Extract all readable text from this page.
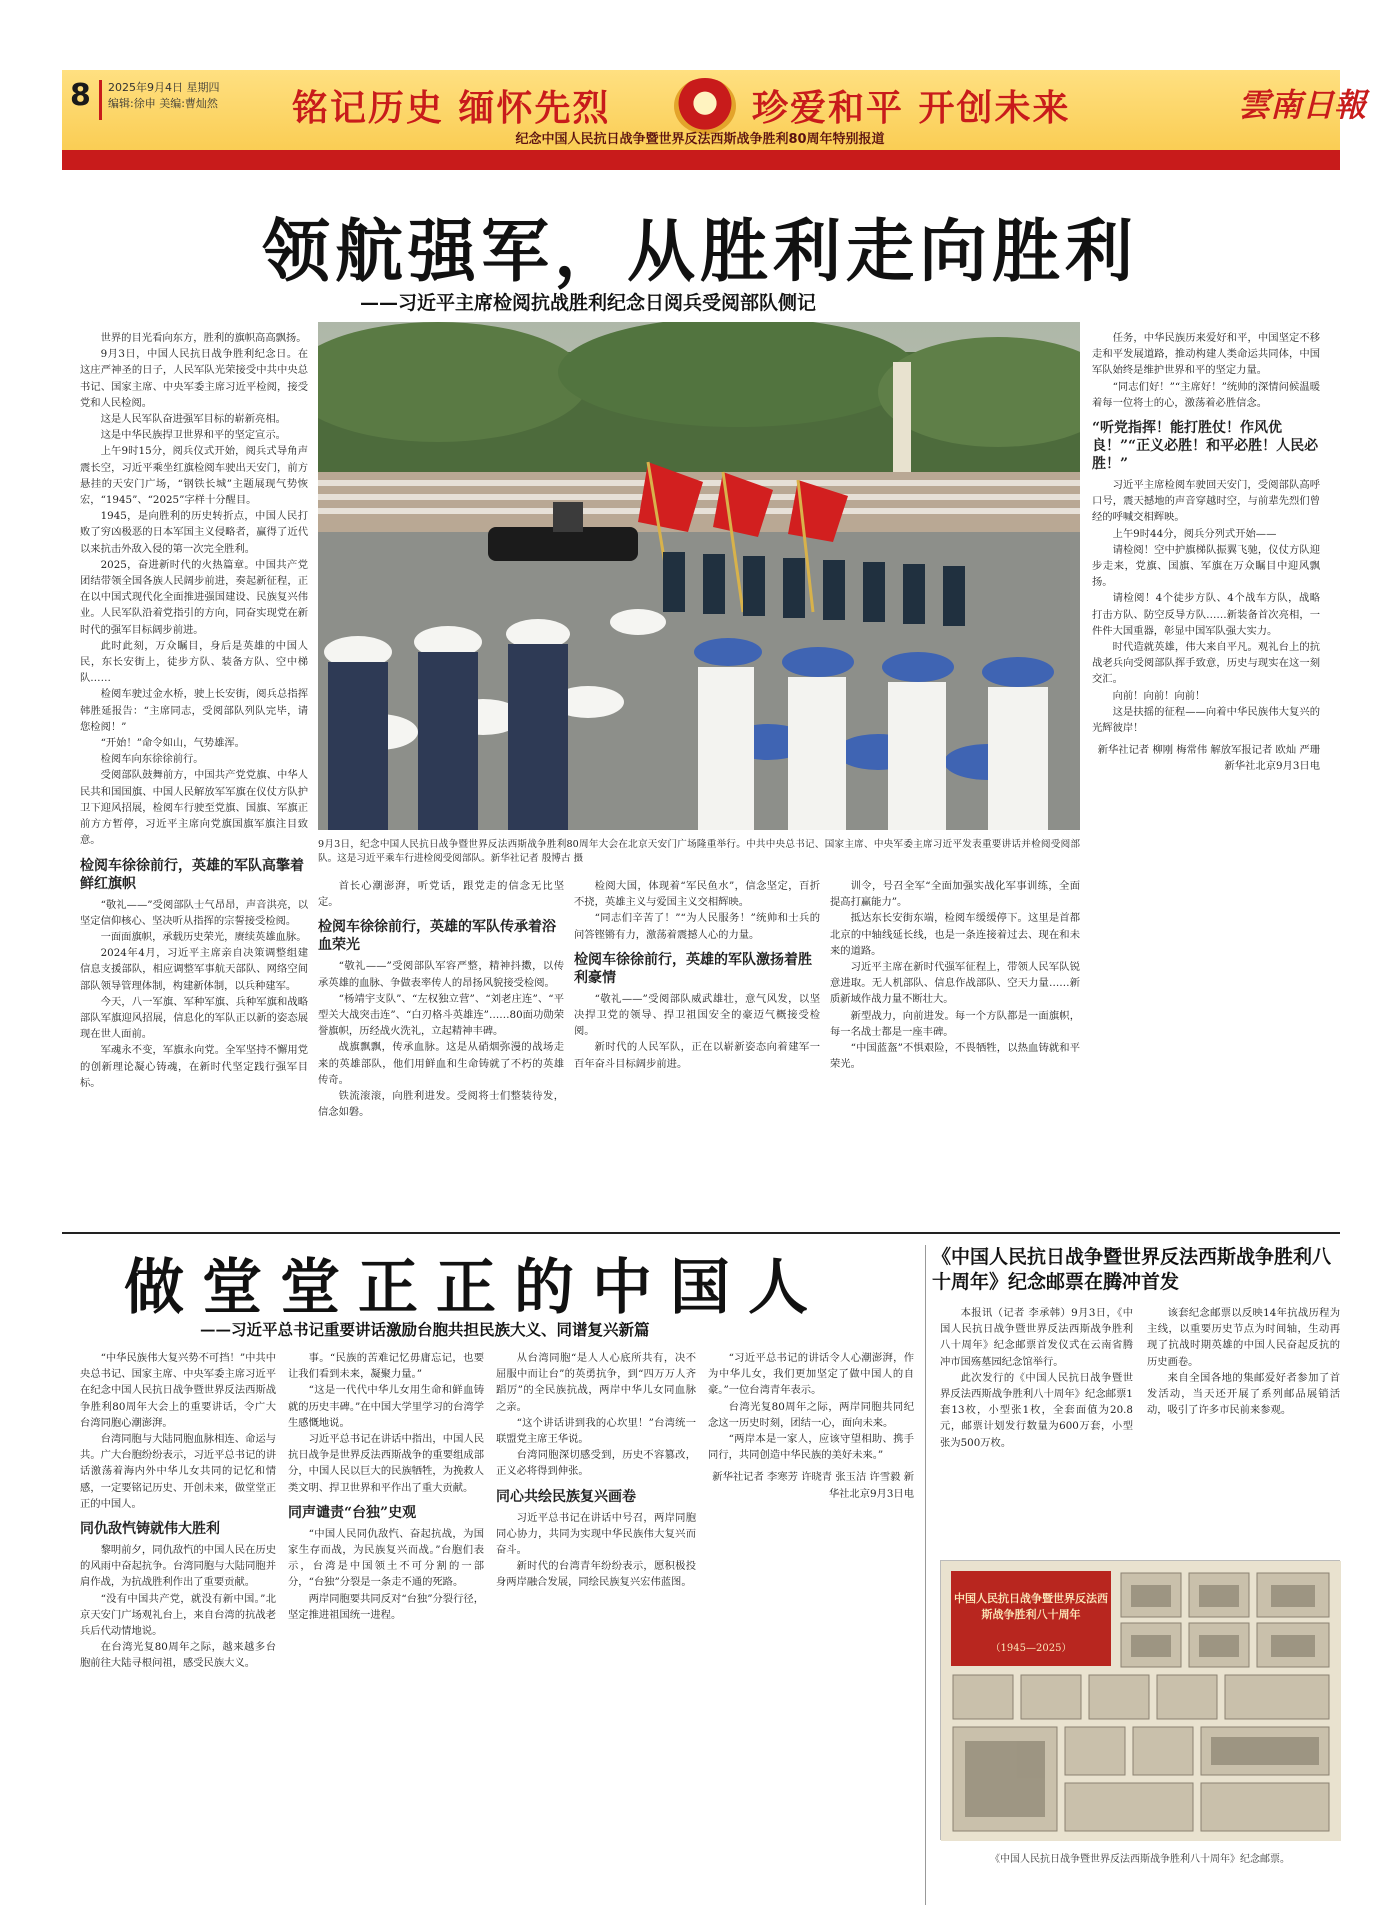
8 2025年9月4日 星期四
编辑:徐申 美编:曹灿然 铭记历史 缅怀先烈	珍爱和平 开创未来	雲南日報
纪念中国人民抗日战争暨世界反法西斯战争胜利80周年特别报道
领航强军，从胜利走向胜利
——习近平主席检阅抗战胜利纪念日阅兵受阅部队侧记

世界的目光看向东方，胜利的旗帜高高飘扬。

9月3日，中国人民抗日战争胜利纪念日。在这庄严神圣的日子，人民军队光荣接受中共中央总书记、国家主席、中央军委主席习近平检阅，接受党和人民检阅。

这是人民军队奋进强军目标的崭新亮相。

这是中华民族捍卫世界和平的坚定宣示。

上午9时15分，阅兵仪式开始，阅兵式导角声震长空，习近平乘坐红旗检阅车驶出天安门，前方悬挂的天安门广场，“钢铁长城”主题展现气势恢宏，“1945”、“2025”字样十分醒目。

1945，是向胜利的历史转折点，中国人民打败了穷凶极恶的日本军国主义侵略者，赢得了近代以来抗击外敌入侵的第一次完全胜利。

2025，奋进新时代的火热篇章。中国共产党团结带领全国各族人民阔步前进，奏起新征程，正在以中国式现代化全面推进强国建设、民族复兴伟业。人民军队沿着党指引的方向，同奋实现党在新时代的强军目标阔步前进。

此时此刻，万众瞩目，身后是英雄的中国人民，东长安街上，徒步方队、装备方队、空中梯队……

检阅车驶过金水桥，驶上长安街，阅兵总指挥韩胜延报告：“主席同志，受阅部队列队完毕，请您检阅！”

“开始！”命令如山，气势雄浑。

检阅车向东徐徐前行。

受阅部队鼓舞前方，中国共产党党旗、中华人民共和国国旗、中国人民解放军军旗在仪仗方队护卫下迎风招展，检阅车行驶至党旗、国旗、军旗正前方方暂停，习近平主席向党旗国旗军旗注目致意。

检阅车徐徐前行，英雄的军队高擎着鲜红旗帜

“敬礼——”受阅部队士气昂昂，声音洪亮，以坚定信仰核心、坚决听从指挥的宗誓接受检阅。

一面面旗帜，承载历史荣光，赓续英雄血脉。

2024年4月，习近平主席亲自决策调整组建信息支援部队，相应调整军事航天部队、网络空间部队领导管理体制，构建新体制，以兵种建军。

今天，八一军旗、军种军旗、兵种军旗和战略部队军旗迎风招展，信息化的军队正以新的姿态展现在世人面前。

军魂永不变，军旗永向党。全军坚持不懈用党的创新理论凝心铸魂，在新时代坚定践行强军目标。

9月3日，纪念中国人民抗日战争暨世界反法西斯战争胜利80周年大会在北京天安门广场隆重举行。中共中央总书记、国家主席、中央军委主席习近平发表重要讲话并检阅受阅部队。这是习近平乘车行进检阅受阅部队。新华社记者 殷博古 摄

首长心潮澎湃，听党话，跟党走的信念无比坚定。

检阅车徐徐前行，英雄的军队传承着浴血荣光

“敬礼——”受阅部队军容严整，精神抖擞，以传承英雄的血脉、争做表率传人的昂扬风貌接受检阅。

“杨靖宇支队”、“左权独立营”、“刘老庄连”、“平型关大战突击连”、“白刃格斗英雄连”……80面功勋荣誉旗帜，历经战火洗礼，立起精神丰碑。

战旗飘飘，传承血脉。这是从硝烟弥漫的战场走来的英雄部队，他们用鲜血和生命铸就了不朽的英雄传奇。

铁流滚滚，向胜利进发。受阅将士们整装待发，信念如磐。

检阅大国，体现着“军民鱼水”，信念坚定，百折不挠，英雄主义与爱国主义交相辉映。

“同志们辛苦了！”“为人民服务！”统帅和士兵的问答铿锵有力，激荡着震撼人心的力量。

检阅车徐徐前行，英雄的军队激扬着胜利豪情

“敬礼——”受阅部队威武雄壮，意气风发，以坚决捍卫党的领导、捍卫祖国安全的豪迈气概接受检阅。

新时代的人民军队，正在以崭新姿态向着建军一百年奋斗目标阔步前进。

训令，号召全军“全面加强实战化军事训练，全面提高打赢能力”。

抵达东长安街东端，检阅车缓缓停下。这里是首都北京的中轴线延长线，也是一条连接着过去、现在和未来的道路。

习近平主席在新时代强军征程上，带领人民军队锐意进取。无人机部队、信息作战部队、空天力量……新质新域作战力量不断壮大。

新型战力，向前进发。每一个方队都是一面旗帜，每一名战士都是一座丰碑。

“中国蓝盔”不惧艰险，不畏牺牲，以热血铸就和平荣光。

任务，中华民族历来爱好和平，中国坚定不移走和平发展道路，推动构建人类命运共同体，中国军队始终是维护世界和平的坚定力量。

“同志们好！”“主席好！”统帅的深情问候温暖着每一位将士的心，激荡着必胜信念。

“听党指挥！能打胜仗！作风优良！”“正义必胜！和平必胜！人民必胜！”

习近平主席检阅车驶回天安门，受阅部队高呼口号，震天撼地的声音穿越时空，与前辈先烈们曾经的呼喊交相辉映。

上午9时44分，阅兵分列式开始——

请检阅！空中护旗梯队振翼飞驰，仪仗方队迎步走来，党旗、国旗、军旗在万众瞩目中迎风飘扬。

请检阅！4个徒步方队、4个战车方队，战略打击方队、防空反导方队……新装备首次亮相，一件件大国重器，彰显中国军队强大实力。

时代造就英雄，伟大来自平凡。观礼台上的抗战老兵向受阅部队挥手致意，历史与现实在这一刻交汇。

向前！向前！向前！

这是扶摇的征程——向着中华民族伟大复兴的光辉彼岸！

新华社记者 柳刚 梅常伟 解放军报记者 欧灿 严珊 新华社北京9月3日电

做堂堂正正的中国人
——习近平总书记重要讲话激励台胞共担民族大义、同谱复兴新篇

“中华民族伟大复兴势不可挡！”中共中央总书记、国家主席、中央军委主席习近平在纪念中国人民抗日战争暨世界反法西斯战争胜利80周年大会上的重要讲话，令广大台湾同胞心潮澎湃。

台湾同胞与大陆同胞血脉相连、命运与共。广大台胞纷纷表示，习近平总书记的讲话激荡着海内外中华儿女共同的记忆和情感，一定要铭记历史、开创未来，做堂堂正正的中国人。

同仇敌忾铸就伟大胜利

黎明前夕，同仇敌忾的中国人民在历史的风雨中奋起抗争。台湾同胞与大陆同胞并肩作战，为抗战胜利作出了重要贡献。

“没有中国共产党，就没有新中国。”北京天安门广场观礼台上，来自台湾的抗战老兵后代动情地说。

在台湾光复80周年之际，越来越多台胞前往大陆寻根问祖，感受民族大义。

事。“民族的苦难记忆毋庸忘记，也要让我们看到未来，凝聚力量。”

“这是一代代中华儿女用生命和鲜血铸就的历史丰碑。”在中国大学里学习的台湾学生感慨地说。

习近平总书记在讲话中指出，中国人民抗日战争是世界反法西斯战争的重要组成部分，中国人民以巨大的民族牺牲，为挽救人类文明、捍卫世界和平作出了重大贡献。

同声谴责“台独”史观

“中国人民同仇敌忾、奋起抗战，为国家生存而战，为民族复兴而战。”台胞们表示，台湾是中国领土不可分割的一部分，“台独”分裂是一条走不通的死路。

两岸同胞要共同反对“台独”分裂行径，坚定推进祖国统一进程。

从台湾同胞“是人人心底所共有，决不屈服中而让台”的英勇抗争，到“四万万人齐蹈厉”的全民族抗战，两岸中华儿女同血脉之亲。

“这个讲话讲到我的心坎里！”台湾统一联盟党主席王华说。

台湾同胞深切感受到，历史不容篡改，正义必将得到伸张。

同心共绘民族复兴画卷

习近平总书记在讲话中号召，两岸同胞同心协力，共同为实现中华民族伟大复兴而奋斗。

新时代的台湾青年纷纷表示，愿积极投身两岸融合发展，同绘民族复兴宏伟蓝图。

“习近平总书记的讲话令人心潮澎湃，作为中华儿女，我们更加坚定了做中国人的自豪。”一位台湾青年表示。

台湾光复80周年之际，两岸同胞共同纪念这一历史时刻，团结一心，面向未来。

“两岸本是一家人，应该守望相助、携手同行，共同创造中华民族的美好未来。”

新华社记者 李寒芳 许晓青 张玉洁 许雪毅 新华社北京9月3日电

《中国人民抗日战争暨世界反法西斯战争胜利八十周年》纪念邮票在腾冲首发

本报讯（记者 李承韩）9月3日，《中国人民抗日战争暨世界反法西斯战争胜利八十周年》纪念邮票首发仪式在云南省腾冲市国殇墓园纪念馆举行。

此次发行的《中国人民抗日战争暨世界反法西斯战争胜利八十周年》纪念邮票1套13枚，小型张1枚，全套面值为20.8元，邮票计划发行数量为600万套，小型张为500万枚。

该套纪念邮票以反映14年抗战历程为主线，以重要历史节点为时间轴，生动再现了抗战时期英雄的中国人民奋起反抗的历史画卷。

来自全国各地的集邮爱好者参加了首发活动，当天还开展了系列邮品展销活动，吸引了许多市民前来参观。

中国人民抗日战争暨世界反法西斯战争胜利八十周年
（1945—2025）
《中国人民抗日战争暨世界反法西斯战争胜利八十周年》纪念邮票。
